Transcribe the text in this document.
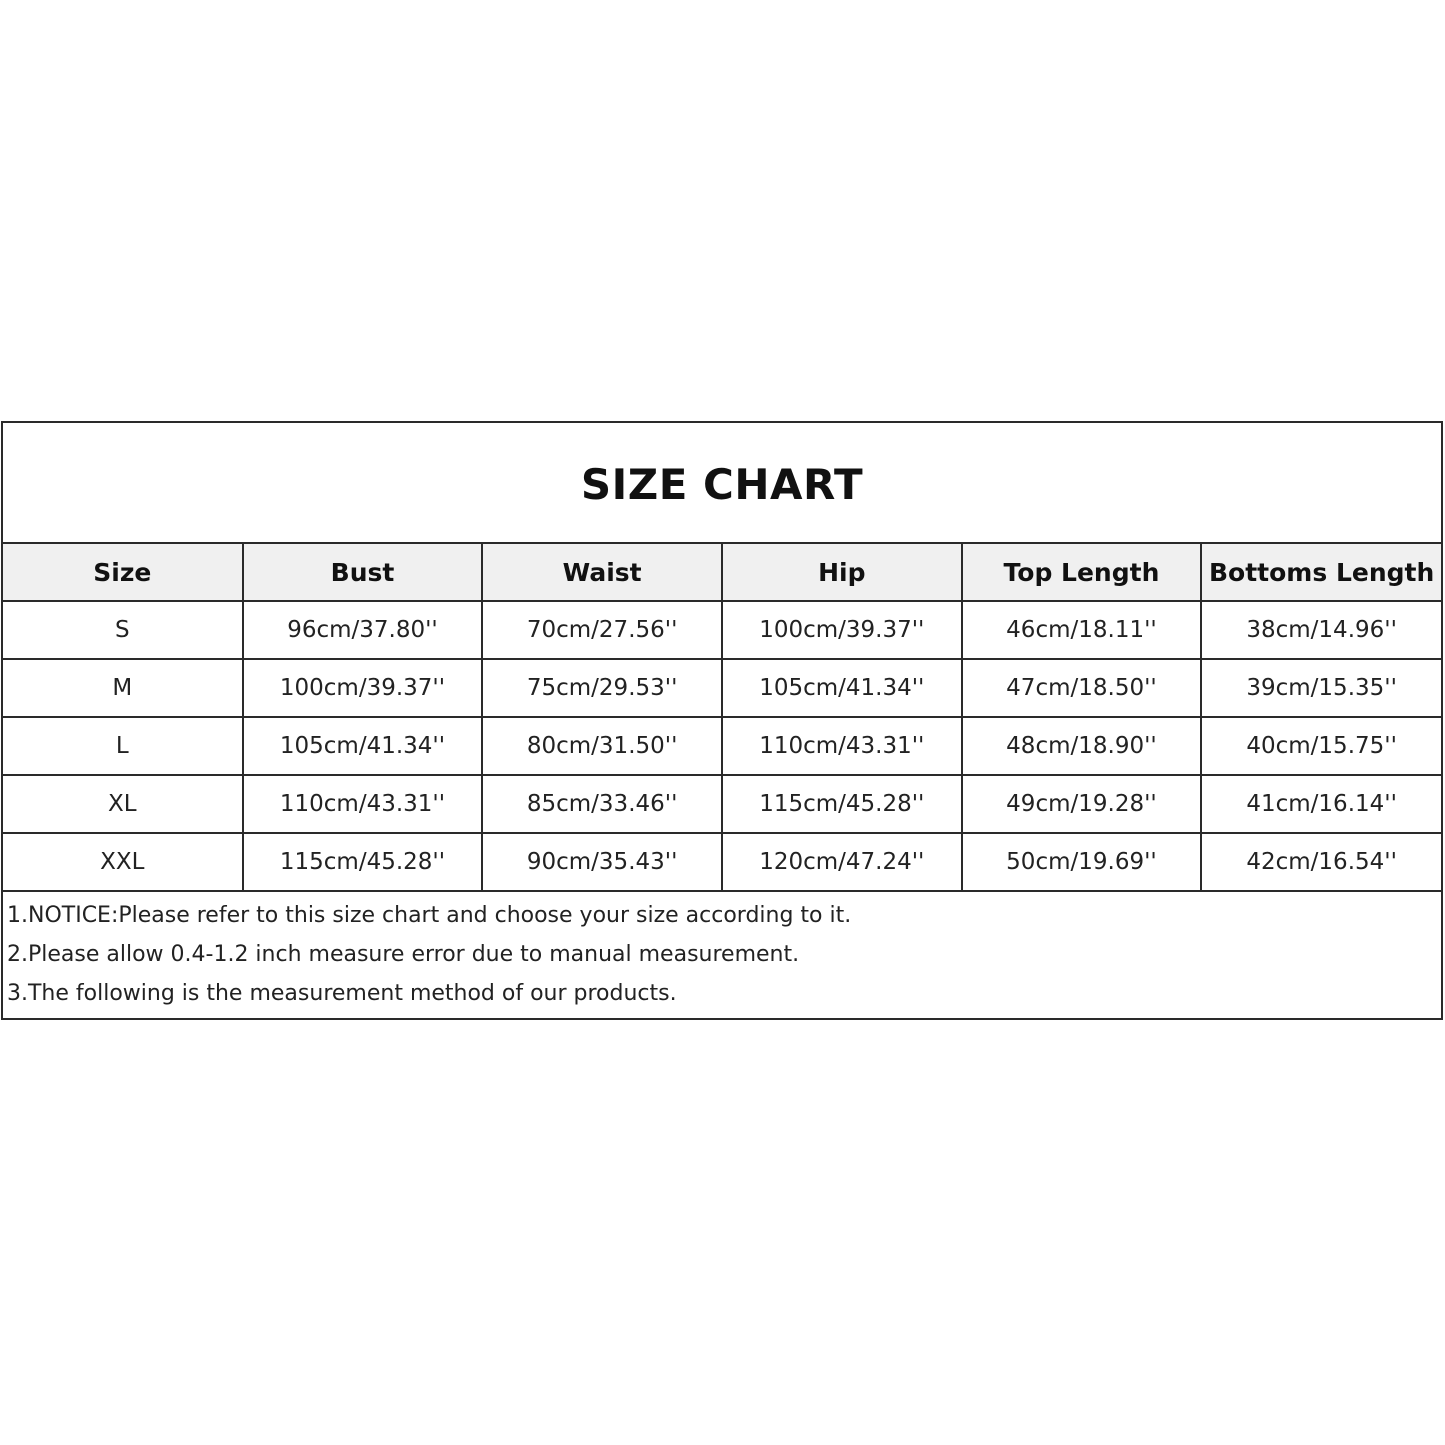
SIZE CHART
Size	Bust	Waist	Hip	Top Length	Bottoms Length
S	96cm/37.80''	70cm/27.56''	100cm/39.37''	46cm/18.11''	38cm/14.96''
M	100cm/39.37''	75cm/29.53''	105cm/41.34''	47cm/18.50''	39cm/15.35''
L	105cm/41.34''	80cm/31.50''	110cm/43.31''	48cm/18.90''	40cm/15.75''
XL	110cm/43.31''	85cm/33.46''	115cm/45.28''	49cm/19.28''	41cm/16.14''
XXL	115cm/45.28''	90cm/35.43''	120cm/47.24''	50cm/19.69''	42cm/16.54''

1.NOTICE:Please refer to this size chart and choose your size according to it.

2.Please allow 0.4-1.2 inch measure error due to manual measurement.

3.The following is the measurement method of our products.
